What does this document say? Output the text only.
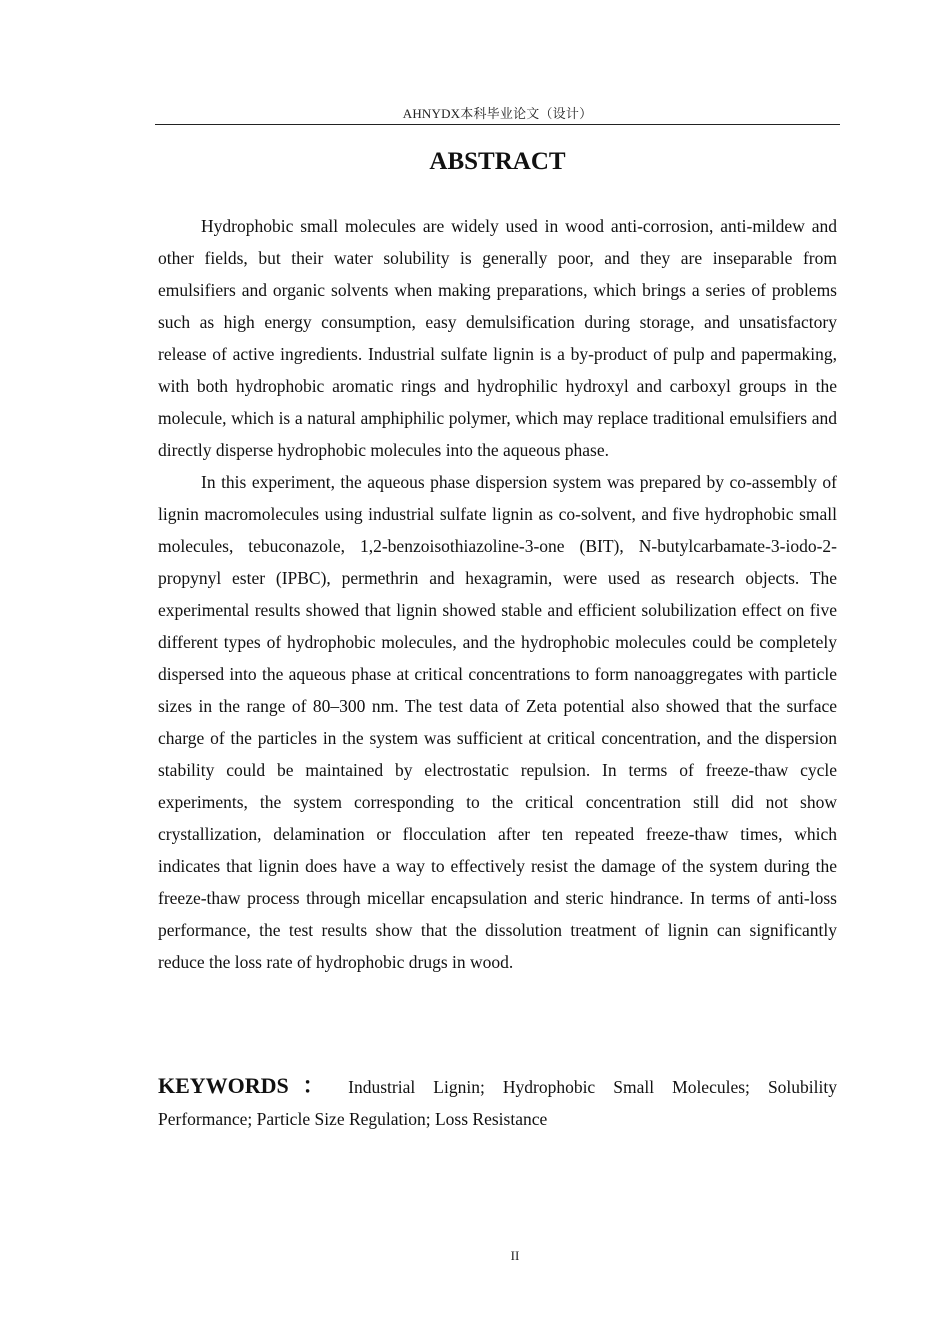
AHNYDX本科毕业论文（设计）
ABSTRACT

Hydrophobic small molecules are widely used in wood anti-corrosion, anti-mildew and other fields, but their water solubility is generally poor, and they are inseparable from emulsifiers and organic solvents when making preparations, which brings a series of problems such as high energy consumption, easy demulsification during storage, and unsatisfactory release of active ingredients. Industrial sulfate lignin is a by-product of pulp and papermaking, with both hydrophobic aromatic rings and hydrophilic hydroxyl and carboxyl groups in the molecule, which is a natural amphiphilic polymer, which may replace traditional emulsifiers and directly disperse hydrophobic molecules into the aqueous phase.

In this experiment, the aqueous phase dispersion system was prepared by co-assembly of lignin macromolecules using industrial sulfate lignin as co-solvent, and five hydrophobic small molecules, tebuconazole, 1,2-benzoisothiazoline-3-one (BIT), N-butylcarbamate-3-iodo-2-propynyl ester (IPBC), permethrin and hexagramin, were used as research objects. The experimental results showed that lignin showed stable and efficient solubilization effect on five different types of hydrophobic molecules, and the hydrophobic molecules could be completely dispersed into the aqueous phase at critical concentrations to form nanoaggregates with particle sizes in the range of 80–300 nm. The test data of Zeta potential also showed that the surface charge of the particles in the system was sufficient at critical concentration, and the dispersion stability could be maintained by electrostatic repulsion. In terms of freeze-thaw cycle experiments, the system corresponding to the critical concentration still did not show crystallization, delamination or flocculation after ten repeated freeze-thaw times, which indicates that lignin does have a way to effectively resist the damage of the system during the freeze-thaw process through micellar encapsulation and steric hindrance. In terms of anti-loss performance, the test results show that the dissolution treatment of lignin can significantly reduce the loss rate of hydrophobic drugs in wood.

KEYWORDS： Industrial Lignin; Hydrophobic Small Molecules; Solubility Performance; Particle Size Regulation; Loss Resistance

II
